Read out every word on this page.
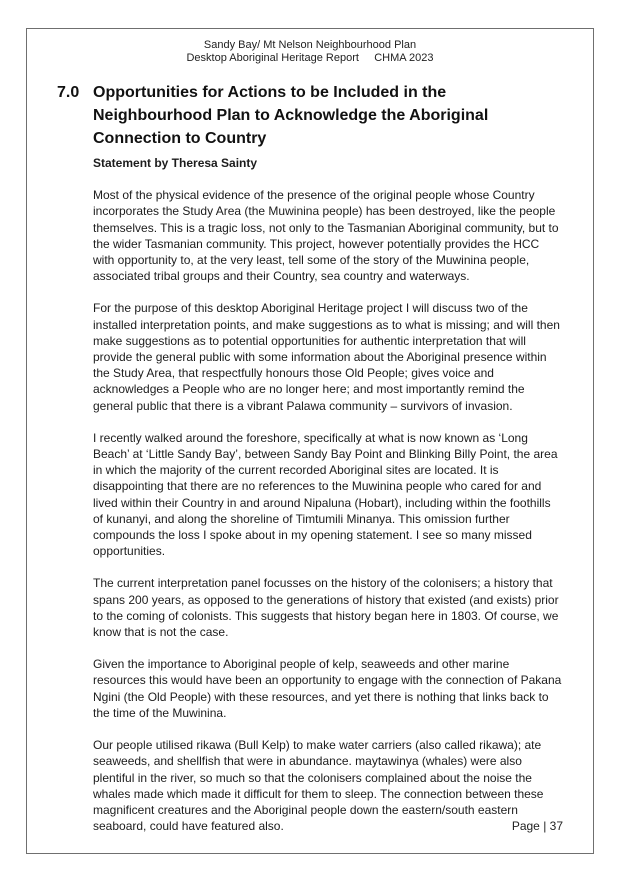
Sandy Bay/ Mt Nelson Neighbourhood Plan
Desktop Aboriginal Heritage Report     CHMA 2023
7.0 Opportunities for Actions to be Included in the Neighbourhood Plan to Acknowledge the Aboriginal Connection to Country

Statement by Theresa Sainty

Most of the physical evidence of the presence of the original people whose Country incorporates the Study Area (the Muwinina people) has been destroyed, like the people themselves. This is a tragic loss, not only to the Tasmanian Aboriginal community, but to the wider Tasmanian community. This project, however potentially provides the HCC with opportunity to, at the very least, tell some of the story of the Muwinina people, associated tribal groups and their Country, sea country and waterways.

For the purpose of this desktop Aboriginal Heritage project I will discuss two of the installed interpretation points, and make suggestions as to what is missing; and will then make suggestions as to potential opportunities for authentic interpretation that will provide the general public with some information about the Aboriginal presence within the Study Area, that respectfully honours those Old People; gives voice and acknowledges a People who are no longer here; and most importantly remind the general public that there is a vibrant Palawa community – survivors of invasion.

I recently walked around the foreshore, specifically at what is now known as ‘Long Beach’ at ‘Little Sandy Bay’, between Sandy Bay Point and Blinking Billy Point, the area in which the majority of the current recorded Aboriginal sites are located. It is disappointing that there are no references to the Muwinina people who cared for and lived within their Country in and around Nipaluna (Hobart), including within the foothills of kunanyi, and along the shoreline of Timtumili Minanya. This omission further compounds the loss I spoke about in my opening statement. I see so many missed opportunities.

The current interpretation panel focusses on the history of the colonisers; a history that spans 200 years, as opposed to the generations of history that existed (and exists) prior to the coming of colonists. This suggests that history began here in 1803. Of course, we know that is not the case.

Given the importance to Aboriginal people of kelp, seaweeds and other marine resources this would have been an opportunity to engage with the connection of Pakana Ngini (the Old People) with these resources, and yet there is nothing that links back to the time of the Muwinina.

Our people utilised rikawa (Bull Kelp) to make water carriers (also called rikawa); ate seaweeds, and shellfish that were in abundance. maytawinya (whales) were also plentiful in the river, so much so that the colonisers complained about the noise the whales made which made it difficult for them to sleep. The connection between these magnificent creatures and the Aboriginal people down the eastern/south eastern seaboard, could have featured also.	Page | 37
